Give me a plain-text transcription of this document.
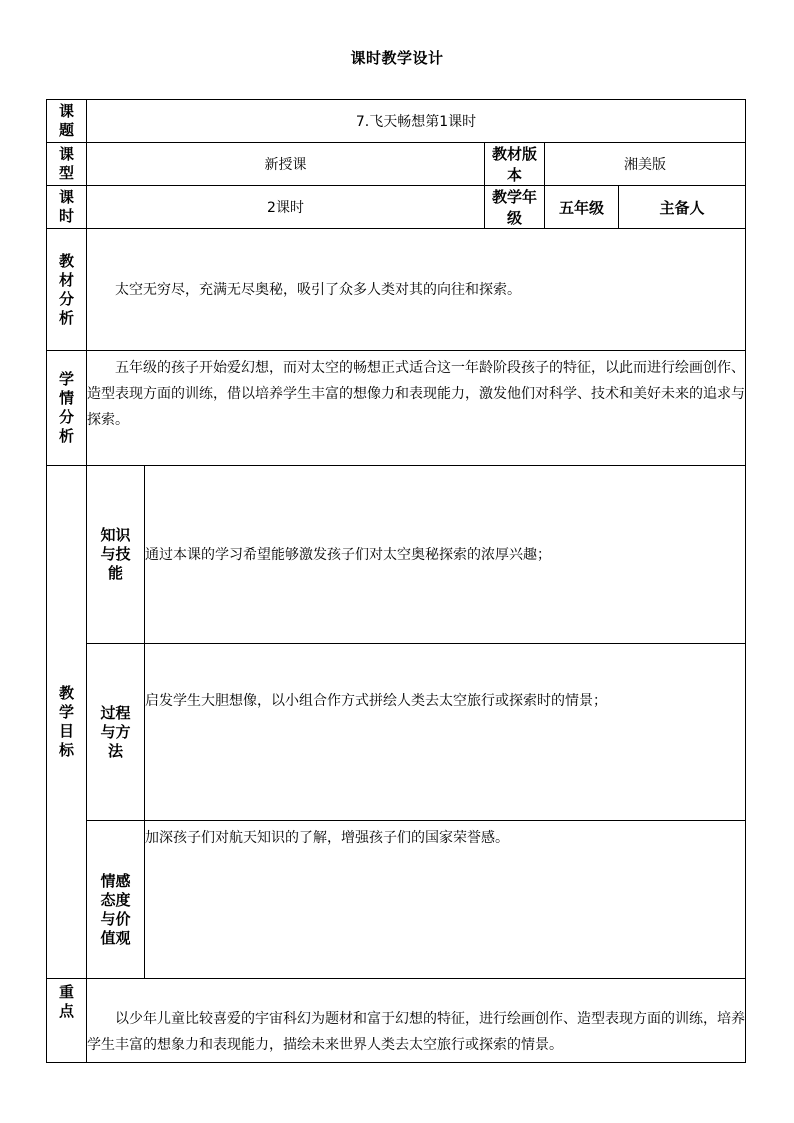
课时教学设计
课
题	7.飞天畅想第1课时					

课
型	新授课		教材版本	湘美版		

课
时	2课时		教学年级	五年级	主备人	

教
材
分
析	太空无穷尽，充满无尽奥秘，吸引了众多人类对其的向往和探索。					

学
情
分
析	五年级的孩子开始爱幻想，而对太空的畅想正式适合这一年龄阶段孩子的特征，以此而进行绘画创作、造型表现方面的训练，借以培养学生丰富的想像力和表现能力，激发他们对科学、技术和美好未来的追求与探索。					

教
学
目
标	知识
与技
能	通过本课的学习希望能够激发孩子们对太空奥秘探索的浓厚兴趣；				

	过程
与方
法	启发学生大胆想像，以小组合作方式拼绘人类去太空旅行或探索时的情景；				

	情感
态度
与价
值观	加深孩子们对航天知识的了解，增强孩子们的国家荣誉感。				

重
点	以少年儿童比较喜爱的宇宙科幻为题材和富于幻想的特征，进行绘画创作、造型表现方面的训练，培养学生丰富的想象力和表现能力，描绘未来世界人类去太空旅行或探索的情景。					
